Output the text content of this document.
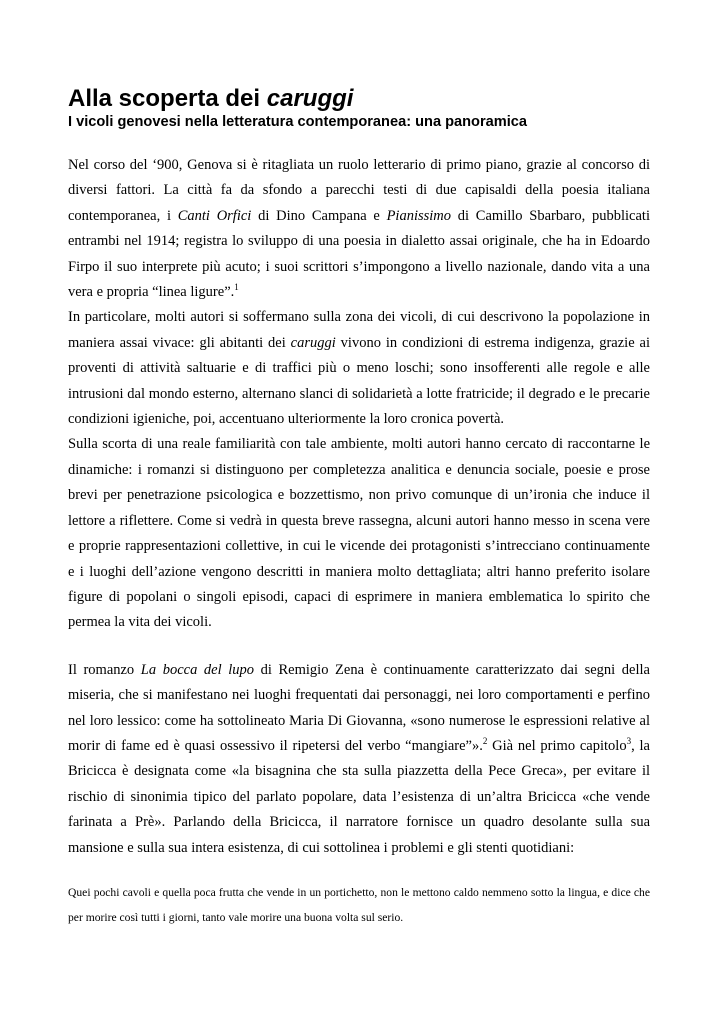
Alla scoperta dei caruggi
I vicoli genovesi nella letteratura contemporanea: una panoramica

Nel corso del ‘900, Genova si è ritagliata un ruolo letterario di primo piano, grazie al concorso di diversi fattori. La città fa da sfondo a parecchi testi di due capisaldi della poesia italiana contemporanea, i Canti Orfici di Dino Campana e Pianissimo di Camillo Sbarbaro, pubblicati entrambi nel 1914; registra lo sviluppo di una poesia in dialetto assai originale, che ha in Edoardo Firpo il suo interprete più acuto; i suoi scrittori s’impongono a livello nazionale, dando vita a una vera e propria “linea ligure”.$^1$

In particolare, molti autori si soffermano sulla zona dei vicoli, di cui descrivono la popolazione in maniera assai vivace: gli abitanti dei caruggi vivono in condizioni di estrema indigenza, grazie ai proventi di attività saltuarie e di traffici più o meno loschi; sono insofferenti alle regole e alle intrusioni dal mondo esterno, alternano slanci di solidarietà a lotte fratricide; il degrado e le precarie condizioni igieniche, poi, accentuano ulteriormente la loro cronica povertà.

Sulla scorta di una reale familiarità con tale ambiente, molti autori hanno cercato di raccontarne le dinamiche: i romanzi si distinguono per completezza analitica e denuncia sociale, poesie e prose brevi per penetrazione psicologica e bozzettismo, non privo comunque di un’ironia che induce il lettore a riflettere. Come si vedrà in questa breve rassegna, alcuni autori hanno messo in scena vere e proprie rappresentazioni collettive, in cui le vicende dei protagonisti s’intrecciano continuamente e i luoghi dell’azione vengono descritti in maniera molto dettagliata; altri hanno preferito isolare figure di popolani o singoli episodi, capaci di esprimere in maniera emblematica lo spirito che permea la vita dei vicoli.

Il romanzo La bocca del lupo di Remigio Zena è continuamente caratterizzato dai segni della miseria, che si manifestano nei luoghi frequentati dai personaggi, nei loro comportamenti e perfino nel loro lessico: come ha sottolineato Maria Di Giovanna, «sono numerose le espressioni relative al morir di fame ed è quasi ossessivo il ripetersi del verbo “mangiare”».$^2$ Già nel primo capitolo$^3$, la Bricicca è designata come «la bisagnina che sta sulla piazzetta della Pece Greca», per evitare il rischio di sinonimia tipico del parlato popolare, data l’esistenza di un’altra Bricicca «che vende farinata a Prè». Parlando della Bricicca, il narratore fornisce un quadro desolante sulla sua mansione e sulla sua intera esistenza, di cui sottolinea i problemi e gli stenti quotidiani:

Quei pochi cavoli e quella poca frutta che vende in un portichetto, non le mettono caldo nemmeno sotto la lingua, e dice che per morire così tutti i giorni, tanto vale morire una buona volta sul serio.
